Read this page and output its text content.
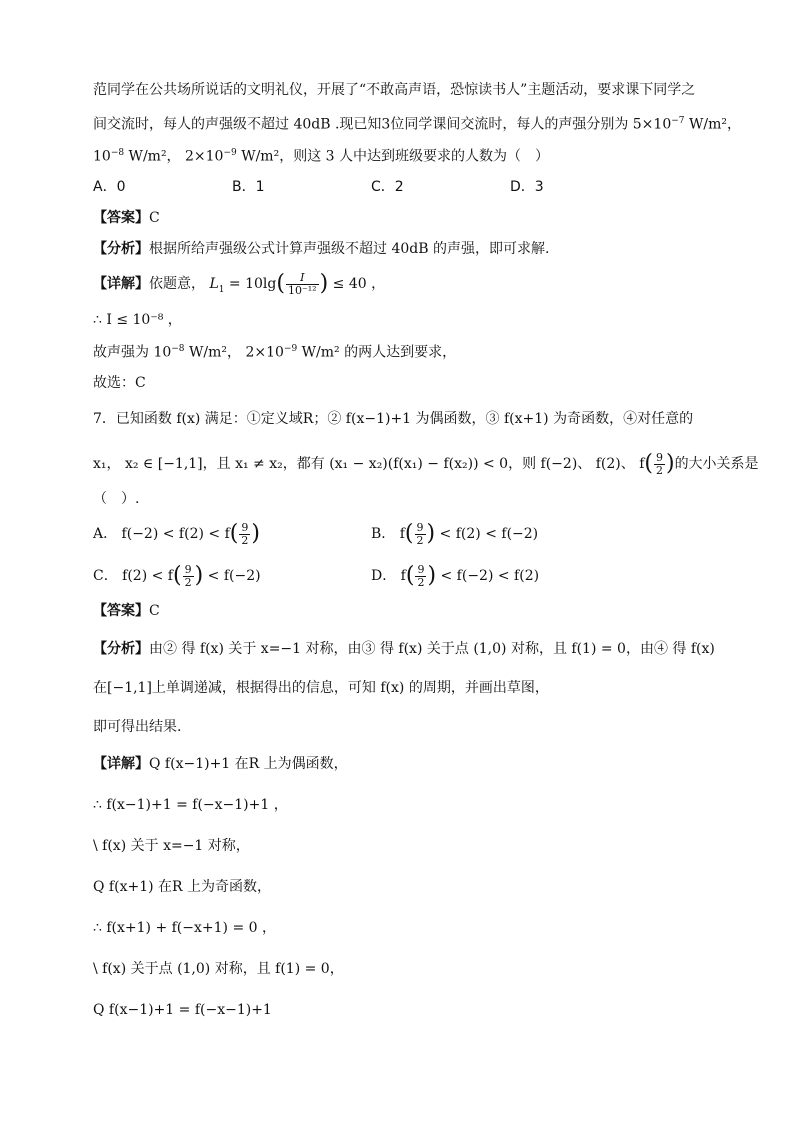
范同学在公共场所说话的文明礼仪，开展了“不敢高声语，恐惊读书人”主题活动，要求课下同学之
间交流时，每人的声强级不超过 40dB .现已知3位同学课间交流时，每人的声强分别为 $5\times 10^{-7}$ W/m²，
$10^{-8}$ W/m²， $2\times 10^{-9}$ W/m²，则这 3 人中达到班级要求的人数为（　）
A．0	B．1	C．2	D．3
【答案】C
【分析】根据所给声强级公式计算声强级不超过 40dB 的声强，即可求解.
【详解】依题意， $L_1 = 10\lg( \frac{I}{\text{10⁻¹²}}$ ) ≤ 40 ，
∴ I ≤ 10⁻⁸ ，
故声强为 $10^{-8}$ W/m²， $2\times 10^{-9}$ W/m² 的两人达到要求，
故选：C
7．已知函数 f(x) 满足：①定义域R；② f(x−1)+1 为偶函数，③ f(x+1) 为奇函数，④对任意的
x₁， x₂ ∈ [−1,1]，且 x₁ ≠ x₂，都有 (x₁ − x₂)(f(x₁) − f(x₂)) < 0，则 f(−2)、 f(2)、 $f( \frac{9}{2}$ )的大小关系是
（　）.
A． $f(-2) < f(2) < f( \frac{9}{2}$ )	B． $f( \frac{9}{2}$ ) < f(2) < f(−2)
C． $f(2) < f( \frac{9}{2}$ ) < f(−2)	D． $f( \frac{9}{2}$ ) < f(−2) < f(2)
【答案】C
【分析】由② 得 f(x) 关于 x=−1 对称，由③ 得 f(x) 关于点 (1,0) 对称，且 f(1) = 0，由④ 得 f(x)
在[−1,1]上单调递减，根据得出的信息，可知 f(x) 的周期，并画出草图，
即可得出结果.
【详解】Q f(x−1)+1 在R 上为偶函数，
∴ f(x−1)+1 = f(−x−1)+1 ，
\ f(x) 关于 x=−1 对称，
Q f(x+1) 在R 上为奇函数，
∴ f(x+1) + f(−x+1) = 0 ，
\ f(x) 关于点 (1,0) 对称，且 f(1) = 0，
Q f(x−1)+1 = f(−x−1)+1
